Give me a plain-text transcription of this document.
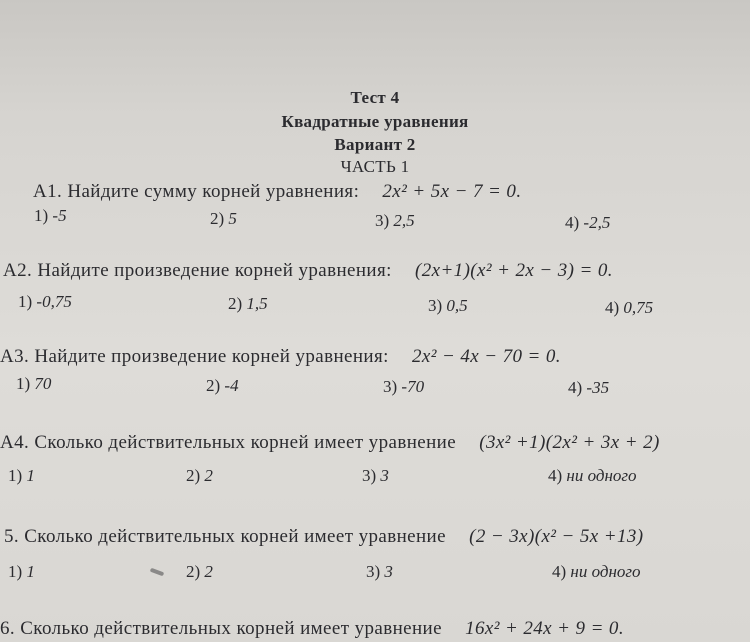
Тест 4
Квадратные уравнения
Вариант 2
ЧАСТЬ 1
А1. Найдите сумму корней уравнения: 2x² + 5x − 7 = 0.
1) -5	2) 5	3) 2,5	4) -2,5
А2. Найдите произведение корней уравнения: (2x+1)(x² + 2x − 3) = 0.
1) -0,75	2) 1,5	3) 0,5	4) 0,75
А3. Найдите произведение корней уравнения: 2x² − 4x − 70 = 0.
1) 70	2) -4	3) -70	4) -35
А4. Сколько действительных корней имеет уравнение (3x² +1)(2x² + 3x + 2)
1) 1	2) 2	3) 3	4) ни одного
5. Сколько действительных корней имеет уравнение (2 − 3x)(x² − 5x +13)
1) 1	2) 2	3) 3	4) ни одного
6. Сколько действительных корней имеет уравнение 16x² + 24x + 9 = 0.
